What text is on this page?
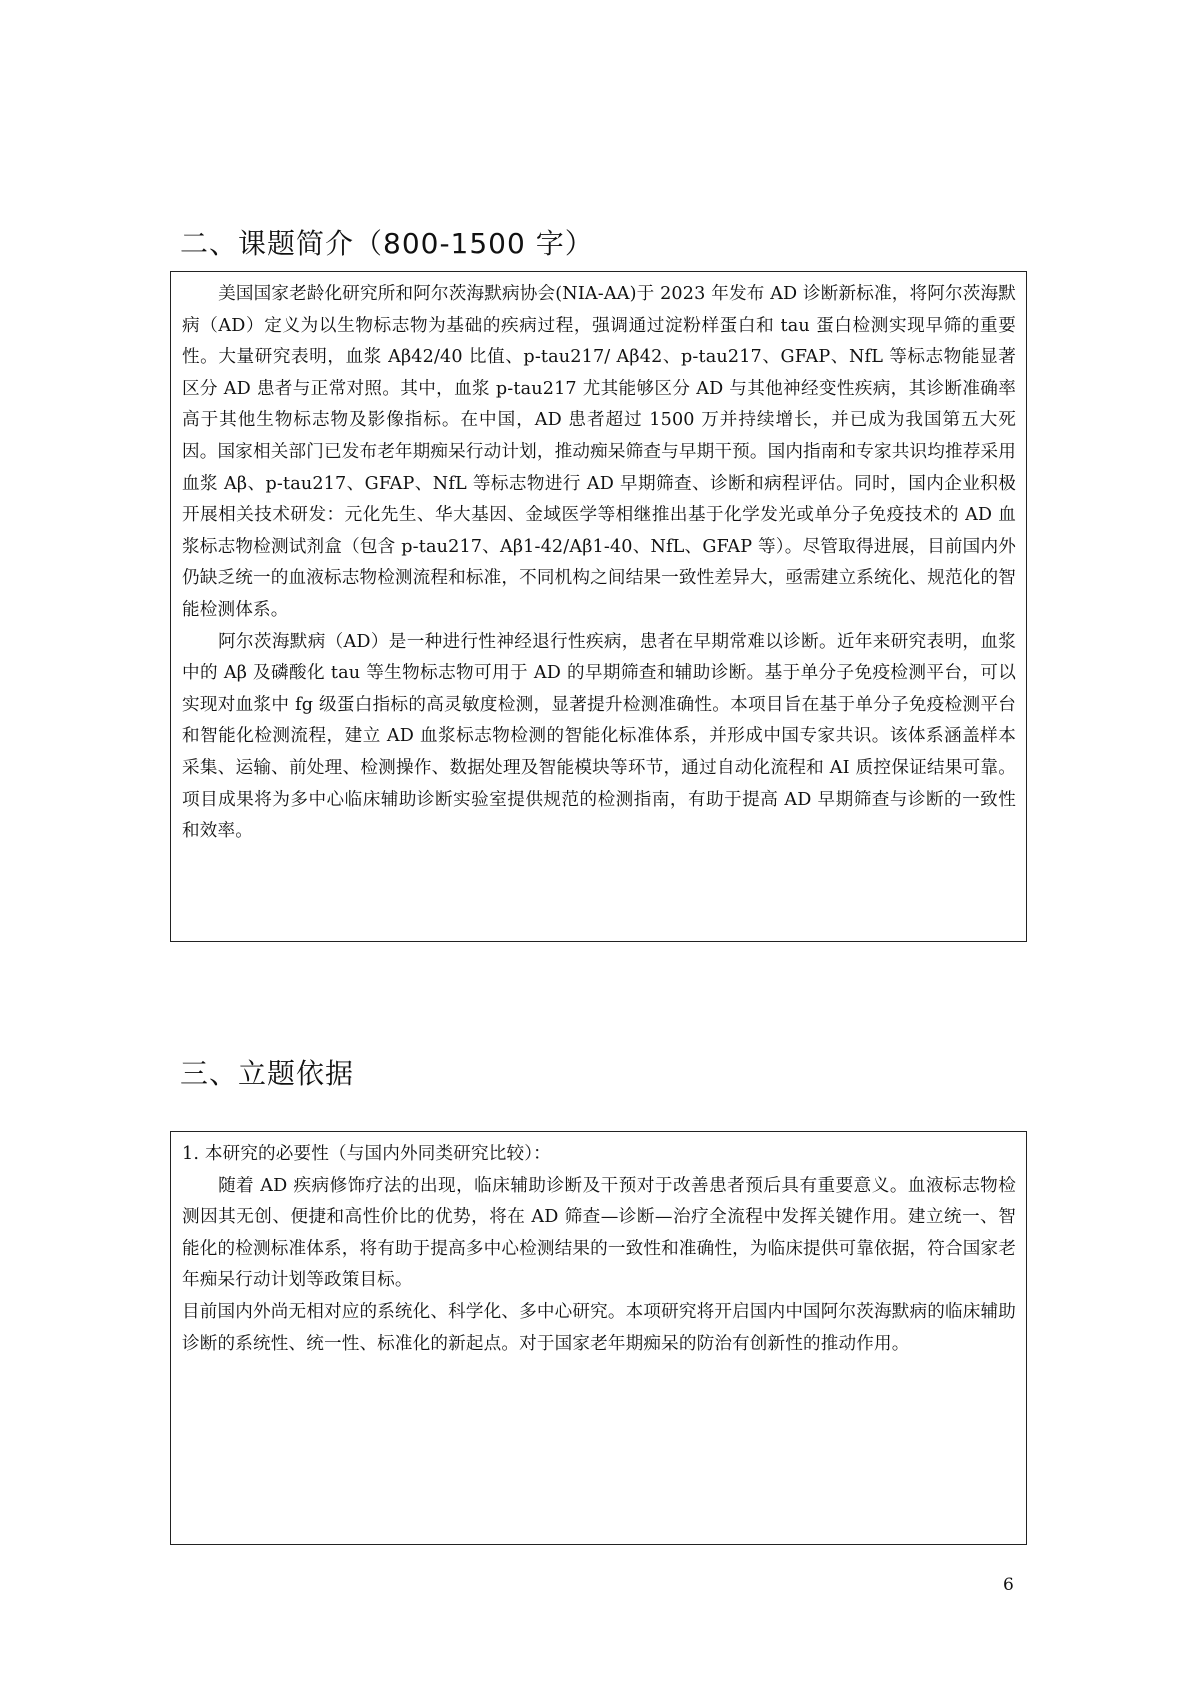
二、课题简介（800-1500 字）

美国国家老龄化研究所和阿尔茨海默病协会(NIA-AA)于 2023 年发布 AD 诊断新标准，将阿尔茨海默病（AD）定义为以生物标志物为基础的疾病过程，强调通过淀粉样蛋白和 tau 蛋白检测实现早筛的重要性。大量研究表明，血浆 Aβ42/40 比值、p-tau217/ Aβ42、p-tau217、GFAP、NfL 等标志物能显著区分 AD 患者与正常对照。其中，血浆 p-tau217 尤其能够区分 AD 与其他神经变性疾病，其诊断准确率高于其他生物标志物及影像指标。在中国，AD 患者超过 1500 万并持续增长，并已成为我国第五大死因。国家相关部门已发布老年期痴呆行动计划，推动痴呆筛查与早期干预。国内指南和专家共识均推荐采用血浆 Aβ、p-tau217、GFAP、NfL 等标志物进行 AD 早期筛查、诊断和病程评估。同时，国内企业积极开展相关技术研发：元化先生、华大基因、金域医学等相继推出基于化学发光或单分子免疫技术的 AD 血浆标志物检测试剂盒（包含 p-tau217、Aβ1-42/Aβ1-40、NfL、GFAP 等）。尽管取得进展，目前国内外仍缺乏统一的血液标志物检测流程和标准，不同机构之间结果一致性差异大，亟需建立系统化、规范化的智能检测体系。

阿尔茨海默病（AD）是一种进行性神经退行性疾病，患者在早期常难以诊断。近年来研究表明，血浆中的 Aβ 及磷酸化 tau 等生物标志物可用于 AD 的早期筛查和辅助诊断。基于单分子免疫检测平台，可以实现对血浆中 fg 级蛋白指标的高灵敏度检测，显著提升检测准确性。本项目旨在基于单分子免疫检测平台和智能化检测流程，建立 AD 血浆标志物检测的智能化标准体系，并形成中国专家共识。该体系涵盖样本采集、运输、前处理、检测操作、数据处理及智能模块等环节，通过自动化流程和 AI 质控保证结果可靠。项目成果将为多中心临床辅助诊断实验室提供规范的检测指南，有助于提高 AD 早期筛查与诊断的一致性和效率。

三、立题依据

1. 本研究的必要性（与国内外同类研究比较）：

随着 AD 疾病修饰疗法的出现，临床辅助诊断及干预对于改善患者预后具有重要意义。血液标志物检测因其无创、便捷和高性价比的优势，将在 AD 筛查—诊断—治疗全流程中发挥关键作用。建立统一、智能化的检测标准体系，将有助于提高多中心检测结果的一致性和准确性，为临床提供可靠依据，符合国家老年痴呆行动计划等政策目标。

目前国内外尚无相对应的系统化、科学化、多中心研究。本项研究将开启国内中国阿尔茨海默病的临床辅助诊断的系统性、统一性、标准化的新起点。对于国家老年期痴呆的防治有创新性的推动作用。

6
